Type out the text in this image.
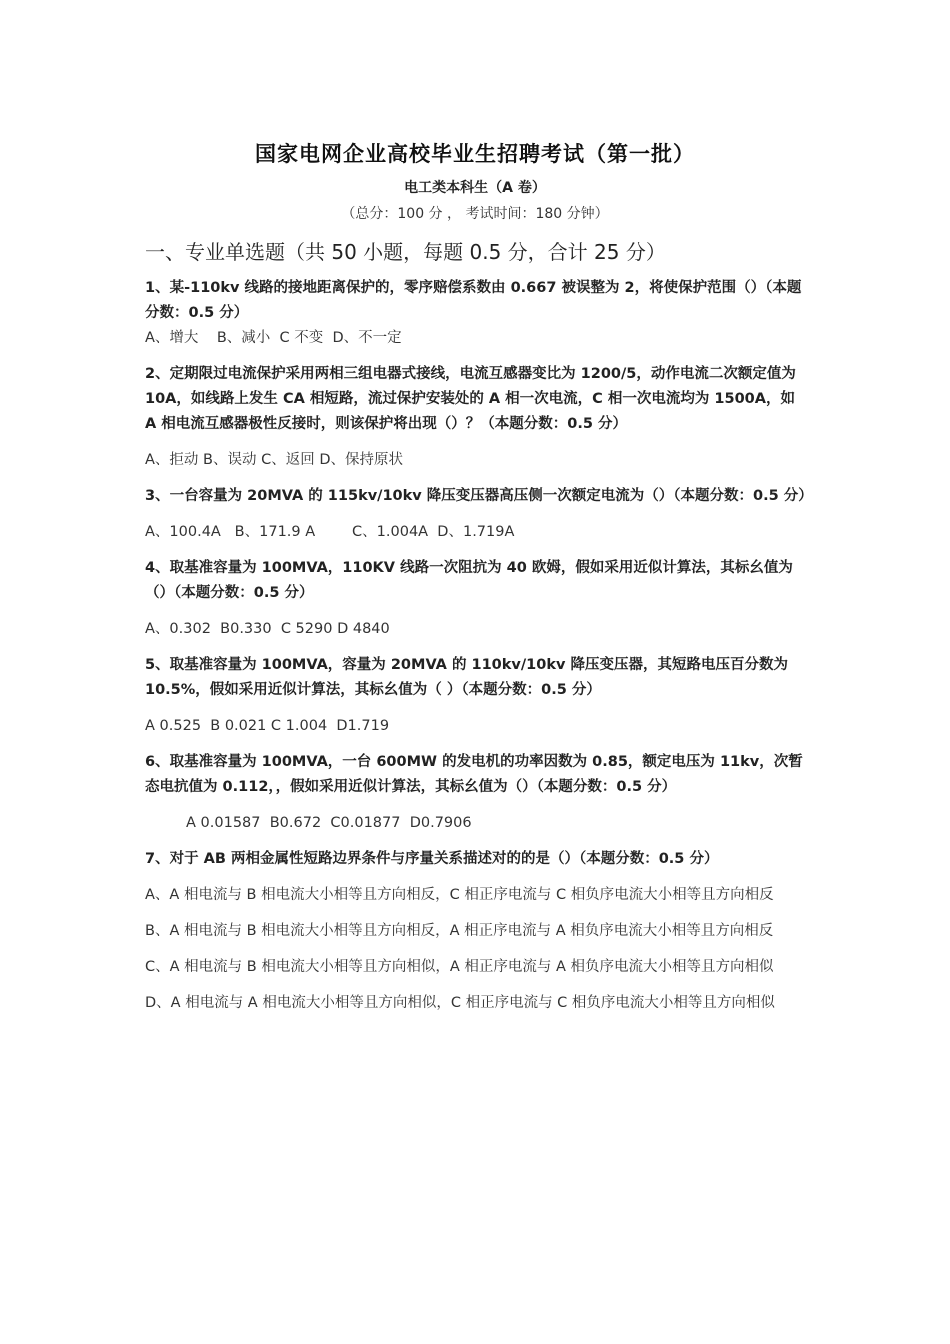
国家电网企业高校毕业生招聘考试（第一批）
电工类本科生（A 卷）
（总分：100 分 ， 考试时间：180 分钟）
一、专业单选题（共 50 小题，每题 0.5 分，合计 25 分）

1、某-110kv 线路的接地距离保护的，零序赔偿系数由 0.667 被误整为 2，将使保护范围（）（本题分数：0.5 分）

A、增大    B、减小  C 不变  D、不一定

2、定期限过电流保护采用两相三组电器式接线，电流互感器变比为 1200/5，动作电流二次额定值为 10A，如线路上发生 CA 相短路，流过保护安装处的 A 相一次电流，C 相一次电流均为 1500A，如 A 相电流互感器极性反接时，则该保护将出现（）？（本题分数：0.5 分）

A、拒动 B、误动 C、返回 D、保持原状

3、一台容量为 20MVA 的 115kv/10kv 降压变压器高压侧一次额定电流为（）（本题分数：0.5 分）

A、100.4A   B、171.9 A        C、1.004A  D、1.719A

4、取基准容量为 100MVA，110KV 线路一次阻抗为 40 欧姆，假如采用近似计算法，其标幺值为（）（本题分数：0.5 分）

A、0.302  B0.330  C 5290 D 4840

5、取基准容量为 100MVA，容量为 20MVA 的 110kv/10kv 降压变压器，其短路电压百分数为 10.5%，假如采用近似计算法，其标幺值为（ ）（本题分数：0.5 分）

A 0.525  B 0.021 C 1.004  D1.719

6、取基准容量为 100MVA，一台 600MW 的发电机的功率因数为 0.85，额定电压为 11kv，次暂态电抗值为 0.112，，假如采用近似计算法，其标幺值为（）（本题分数：0.5 分）

A 0.01587  B0.672  C0.01877  D0.7906

7、对于 AB 两相金属性短路边界条件与序量关系描述对的的是（）（本题分数：0.5 分）

A、A 相电流与 B 相电流大小相等且方向相反，C 相正序电流与 C 相负序电流大小相等且方向相反

B、A 相电流与 B 相电流大小相等且方向相反，A 相正序电流与 A 相负序电流大小相等且方向相反

C、A 相电流与 B 相电流大小相等且方向相似，A 相正序电流与 A 相负序电流大小相等且方向相似

D、A 相电流与 A 相电流大小相等且方向相似，C 相正序电流与 C 相负序电流大小相等且方向相似
